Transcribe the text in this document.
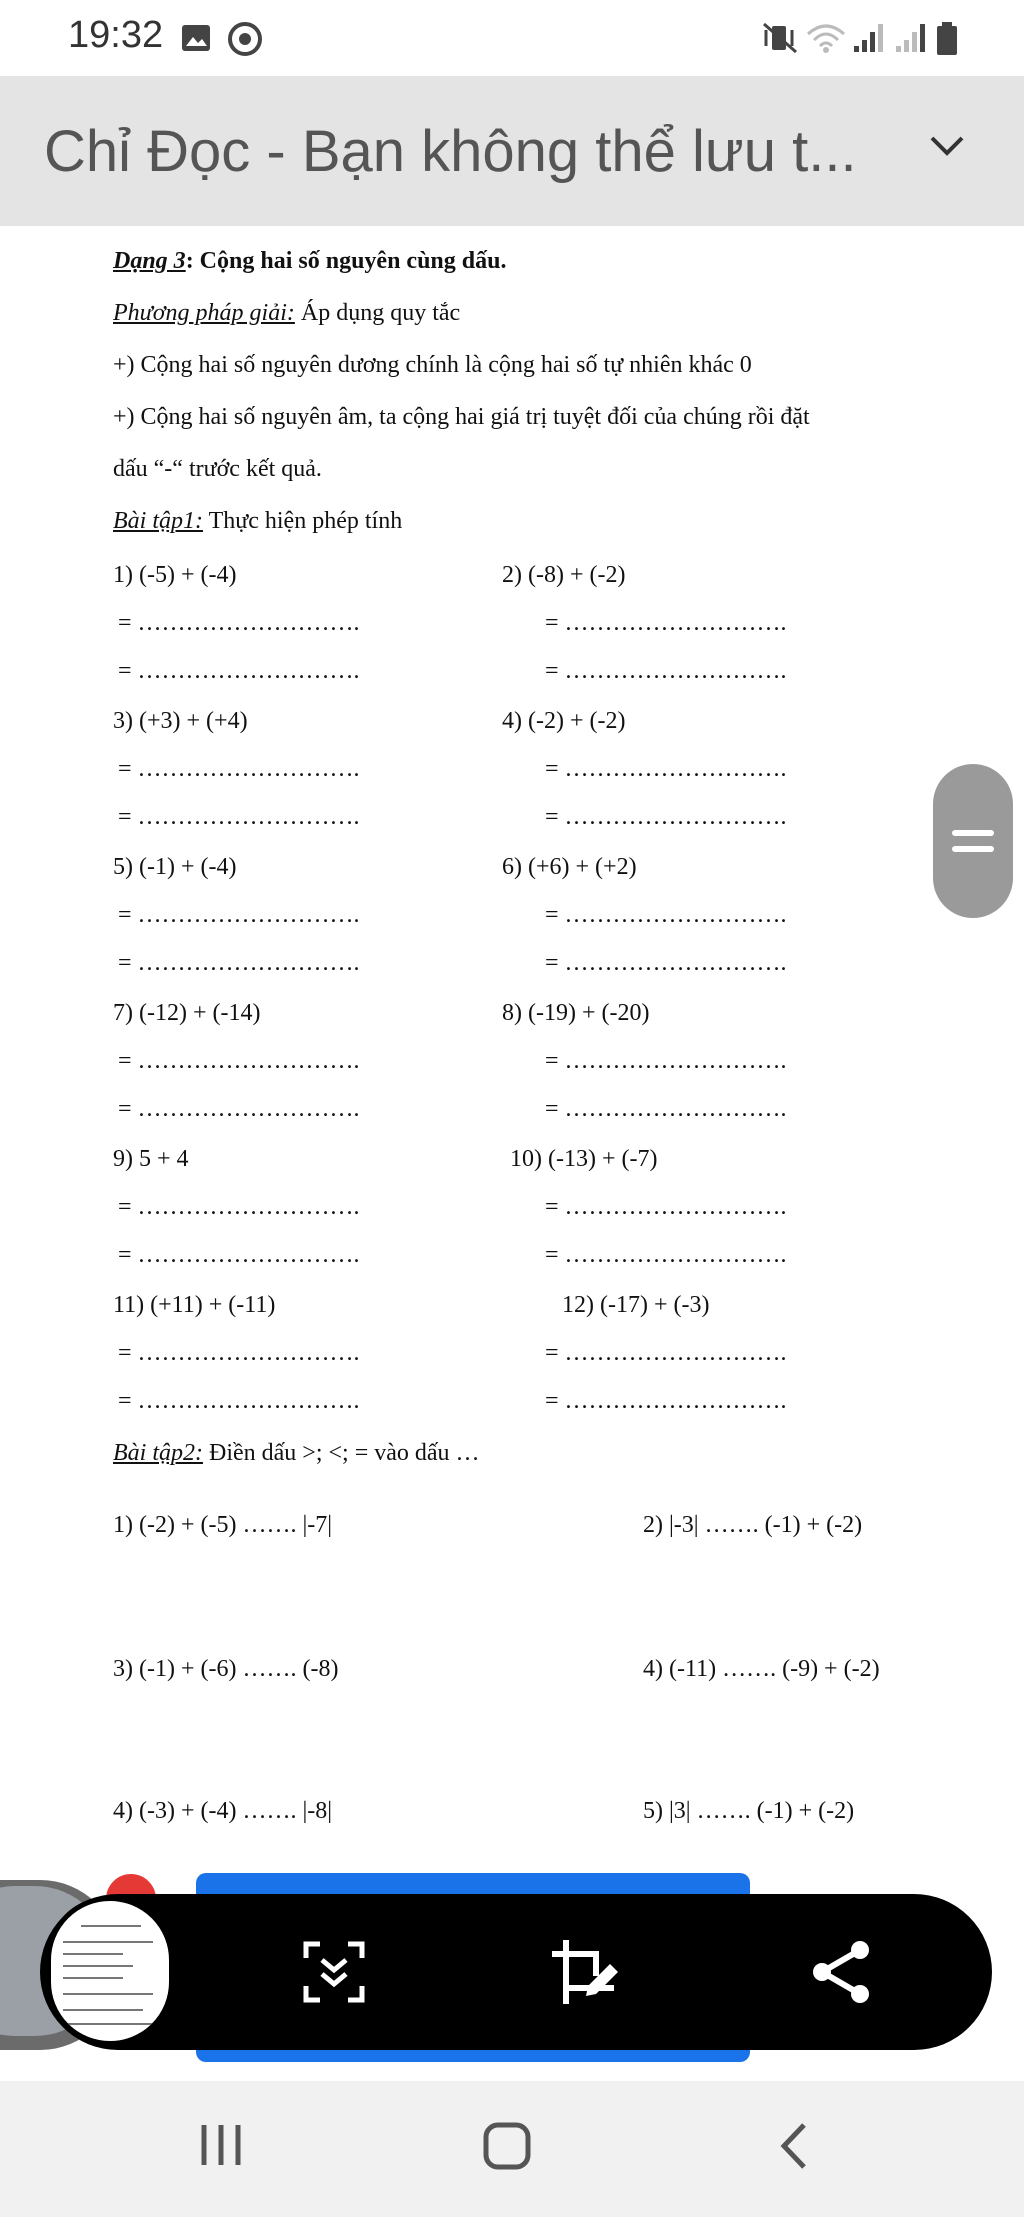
19:32
Chỉ Đọc - Bạn không thể lưu t...
Dạng 3: Cộng hai số nguyên cùng dấu.
Phương pháp giải: Áp dụng quy tắc
+) Cộng hai số nguyên dương chính là cộng hai số tự nhiên khác 0
+) Cộng hai số nguyên âm, ta cộng hai giá trị tuyệt đối của chúng rồi đặt
dấu “-“ trước kết quả.
Bài tập1: Thực hiện phép tính
1) (-5) + (-4)	2) (-8) + (-2)
= ……………………….	= ……………………….
= ……………………….	= ……………………….
3) (+3) + (+4)	4) (-2) + (-2)
= ……………………….	= ……………………….
= ……………………….	= ……………………….
5) (-1) + (-4)	6) (+6) + (+2)
= ……………………….	= ……………………….
= ……………………….	= ……………………….
7) (-12) + (-14)	8) (-19) + (-20)
= ……………………….	= ……………………….
= ……………………….	= ……………………….
9) 5 + 4	10) (-13) + (-7)
= ……………………….	= ……………………….
= ……………………….	= ……………………….
11) (+11) + (-11)	12) (-17) + (-3)
= ……………………….	= ……………………….
= ……………………….	= ……………………….
Bài tập2: Điền dấu >; <; = vào dấu …
1) (-2) + (-5) ……. |-7|	2) |-3| ……. (-1) + (-2)
3) (-1) + (-6) ……. (-8)	4) (-11) ……. (-9) + (-2)
4) (-3) + (-4) ……. |-8|	5) |3| ……. (-1) + (-2)
